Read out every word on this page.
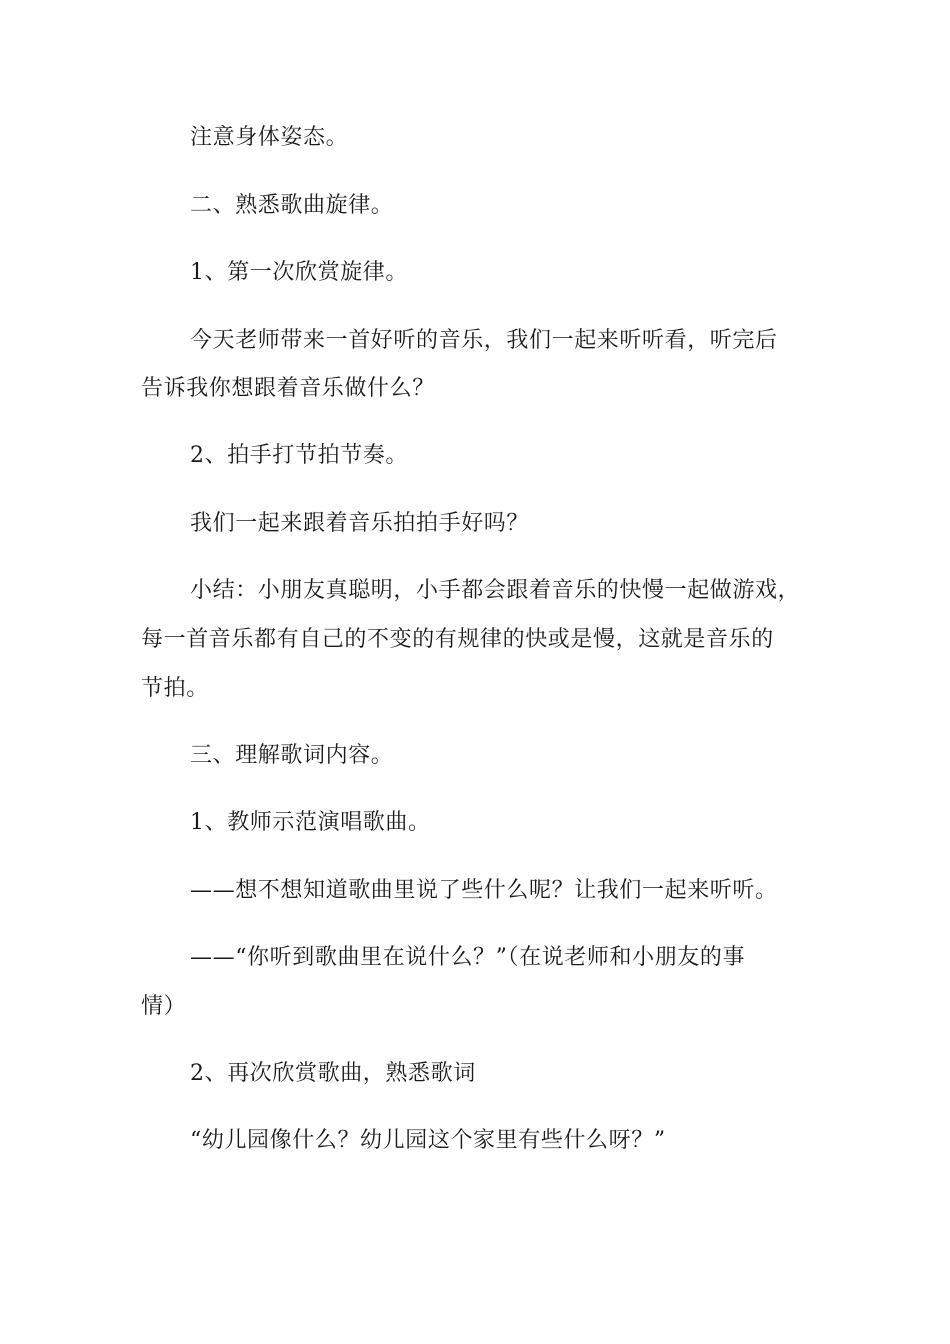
注意身体姿态。
二、熟悉歌曲旋律。
1、第一次欣赏旋律。
今天老师带来一首好听的音乐，我们一起来听听看，听完后
告诉我你想跟着音乐做什么？
2、拍手打节拍节奏。
我们一起来跟着音乐拍拍手好吗？
小结：小朋友真聪明，小手都会跟着音乐的快慢一起做游戏，
每一首音乐都有自己的不变的有规律的快或是慢，这就是音乐的
节拍。
三、理解歌词内容。
1、教师示范演唱歌曲。
——想不想知道歌曲里说了些什么呢？让我们一起来听听。
——“你听到歌曲里在说什么？”（在说老师和小朋友的事
情）
2、再次欣赏歌曲，熟悉歌词
“幼儿园像什么？幼儿园这个家里有些什么呀？”
